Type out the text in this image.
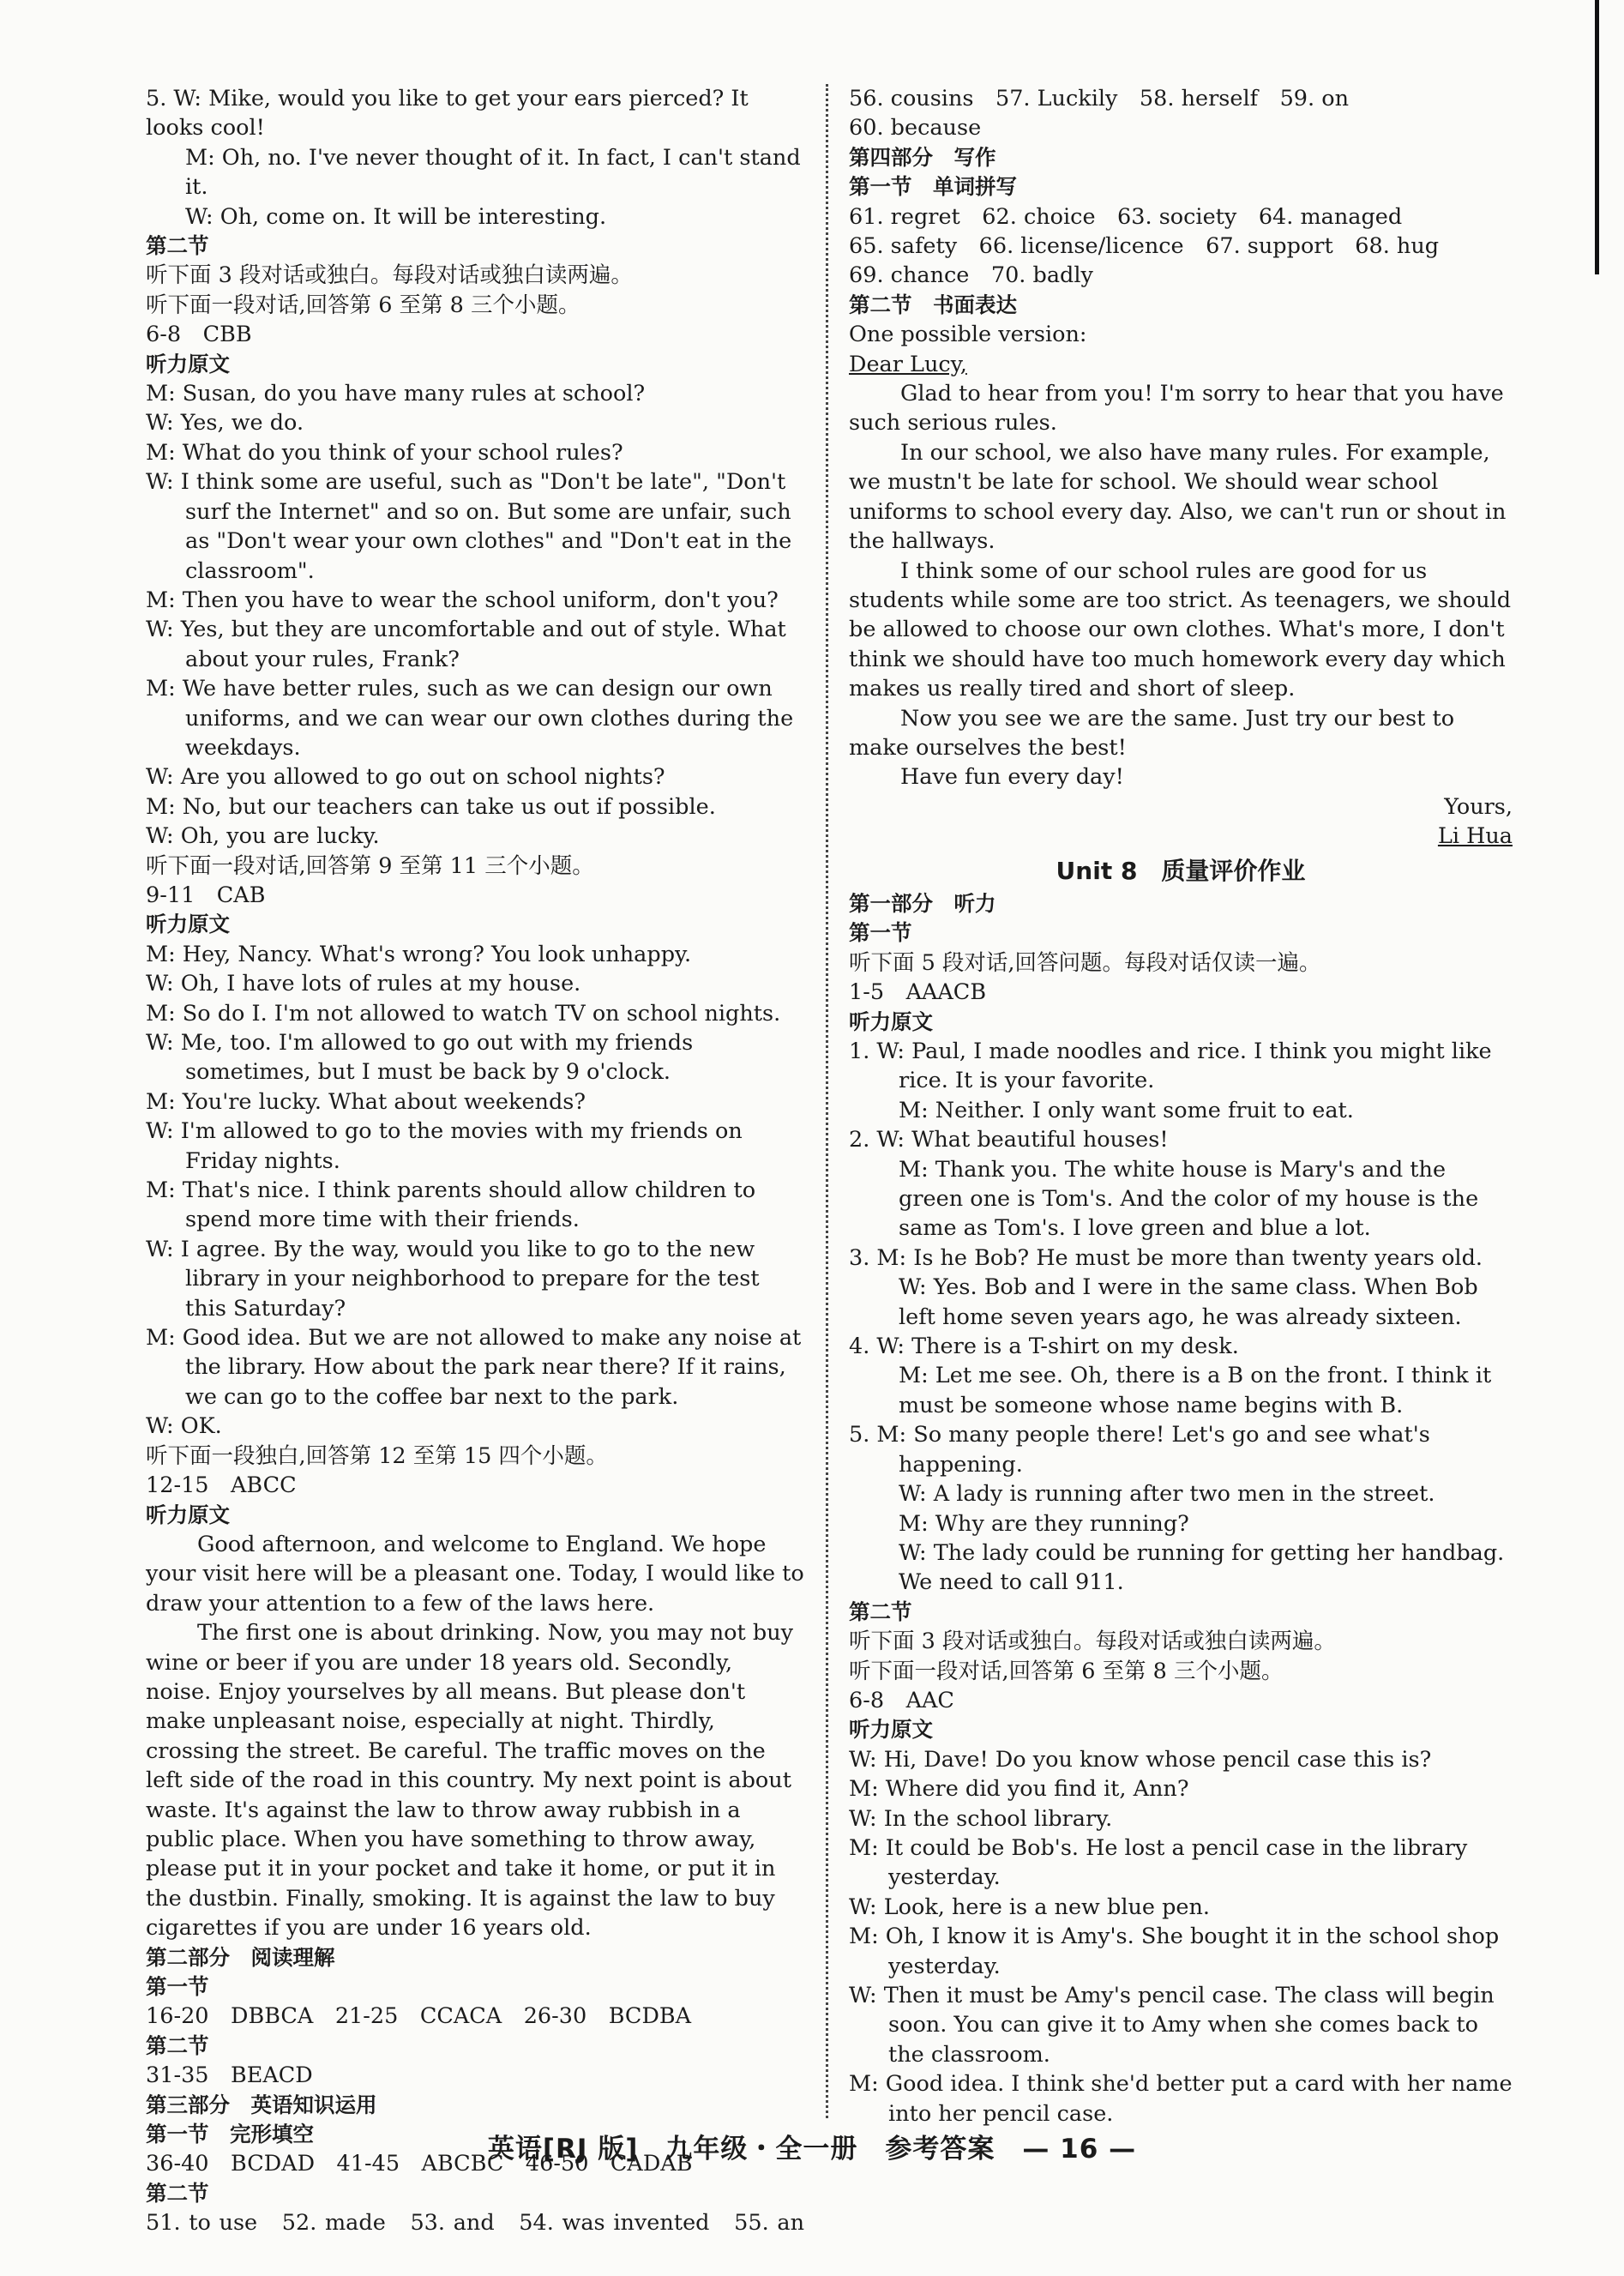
5. W: Mike, would you like to get your ears pierced? It looks cool!
M: Oh, no. I've never thought of it. In fact, I can't stand it.
W: Oh, come on. It will be interesting.
第二节
听下面 3 段对话或独白。每段对话或独白读两遍。
听下面一段对话,回答第 6 至第 8 三个小题。
6-8　CBB
听力原文
M: Susan, do you have many rules at school?
W: Yes, we do.
M: What do you think of your school rules?
W: I think some are useful, such as "Don't be late", "Don't surf the Internet" and so on. But some are unfair, such as "Don't wear your own clothes" and "Don't eat in the classroom".
M: Then you have to wear the school uniform, don't you?
W: Yes, but they are uncomfortable and out of style. What about your rules, Frank?
M: We have better rules, such as we can design our own uniforms, and we can wear our own clothes during the weekdays.
W: Are you allowed to go out on school nights?
M: No, but our teachers can take us out if possible.
W: Oh, you are lucky.
听下面一段对话,回答第 9 至第 11 三个小题。
9-11　CAB
听力原文
M: Hey, Nancy. What's wrong? You look unhappy.
W: Oh, I have lots of rules at my house.
M: So do I. I'm not allowed to watch TV on school nights.
W: Me, too. I'm allowed to go out with my friends sometimes, but I must be back by 9 o'clock.
M: You're lucky. What about weekends?
W: I'm allowed to go to the movies with my friends on Friday nights.
M: That's nice. I think parents should allow children to spend more time with their friends.
W: I agree. By the way, would you like to go to the new library in your neighborhood to prepare for the test this Saturday?
M: Good idea. But we are not allowed to make any noise at the library. How about the park near there? If it rains, we can go to the coffee bar next to the park.
W: OK.
听下面一段独白,回答第 12 至第 15 四个小题。
12-15　ABCC
听力原文
Good afternoon, and welcome to England. We hope your visit here will be a pleasant one. Today, I would like to draw your attention to a few of the laws here.
The first one is about drinking. Now, you may not buy wine or beer if you are under 18 years old. Secondly, noise. Enjoy yourselves by all means. But please don't make unpleasant noise, especially at night. Thirdly, crossing the street. Be careful. The traffic moves on the left side of the road in this country. My next point is about waste. It's against the law to throw away rubbish in a public place. When you have something to throw away, please put it in your pocket and take it home, or put it in the dustbin. Finally, smoking. It is against the law to buy cigarettes if you are under 16 years old.
第二部分　阅读理解
第一节
16-20　DBBCA　21-25　CCACA　26-30　BCDBA
第二节
31-35　BEACD
第三部分　英语知识运用
第一节　完形填空
36-40　BCDAD　41-45　ABCBC　46-50　CADAB
第二节
51. to use　52. made　53. and　54. was invented　55. an
56. cousins　57. Luckily　58. herself　59. on
60. because
第四部分　写作
第一节　单词拼写
61. regret　62. choice　63. society　64. managed
65. safety　66. license/licence　67. support　68. hug
69. chance　70. badly
第二节　书面表达
One possible version:
Dear Lucy,
Glad to hear from you! I'm sorry to hear that you have such serious rules.
In our school, we also have many rules. For example, we mustn't be late for school. We should wear school uniforms to school every day. Also, we can't run or shout in the hallways.
I think some of our school rules are good for us students while some are too strict. As teenagers, we should be allowed to choose our own clothes. What's more, I don't think we should have too much homework every day which makes us really tired and short of sleep.
Now you see we are the same. Just try our best to make ourselves the best!
Have fun every day!
Yours,
Li Hua
Unit 8　质量评价作业
第一部分　听力
第一节
听下面 5 段对话,回答问题。每段对话仅读一遍。
1-5　AAACB
听力原文
1. W: Paul, I made noodles and rice. I think you might like rice. It is your favorite.
M: Neither. I only want some fruit to eat.
2. W: What beautiful houses!
M: Thank you. The white house is Mary's and the green one is Tom's. And the color of my house is the same as Tom's. I love green and blue a lot.
3. M: Is he Bob? He must be more than twenty years old.
W: Yes. Bob and I were in the same class. When Bob left home seven years ago, he was already sixteen.
4. W: There is a T-shirt on my desk.
M: Let me see. Oh, there is a B on the front. I think it must be someone whose name begins with B.
5. M: So many people there! Let's go and see what's happening.
W: A lady is running after two men in the street.
M: Why are they running?
W: The lady could be running for getting her handbag. We need to call 911.
第二节
听下面 3 段对话或独白。每段对话或独白读两遍。
听下面一段对话,回答第 6 至第 8 三个小题。
6-8　AAC
听力原文
W: Hi, Dave! Do you know whose pencil case this is?
M: Where did you find it, Ann?
W: In the school library.
M: It could be Bob's. He lost a pencil case in the library yesterday.
W: Look, here is a new blue pen.
M: Oh, I know it is Amy's. She bought it in the school shop yesterday.
W: Then it must be Amy's pencil case. The class will begin soon. You can give it to Amy when she comes back to the classroom.
M: Good idea. I think she'd better put a card with her name into her pencil case.
英语[RJ 版]　九年级・全一册　参考答案　— 16 —
